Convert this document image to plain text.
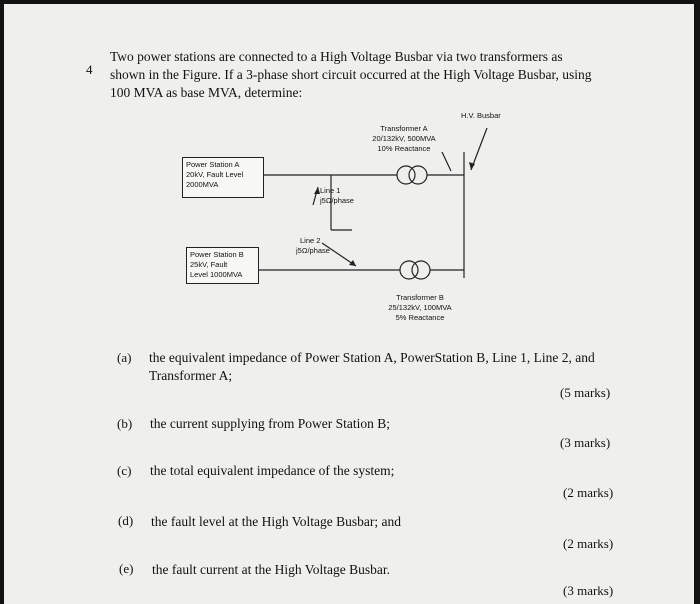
4
Two power stations are connected to a High Voltage Busbar via two transformers as
shown in the Figure. If a 3-phase short circuit occurred at the High Voltage Busbar, using
100 MVA as base MVA, determine:
H.V. Busbar
Transformer A
20/132kV, 500MVA
10% Reactance
Power Station A
20kV, Fault Level
2000MVA
Line 1
j5Ω/phase
Line 2
j5Ω/phase
Power Station B
25kV, Fault
Level 1000MVA
Transformer B
25/132kV, 100MVA
5% Reactance
(a) the equivalent impedance of Power Station A, PowerStation B, Line 1, Line 2, and
Transformer A;
(5 marks)
(b) the current supplying from Power Station B;
(3 marks)
(c) the total equivalent impedance of the system;
(2 marks)
(d) the fault level at the High Voltage Busbar; and
(2 marks)
(e) the fault current at the High Voltage Busbar.
(3 marks)
